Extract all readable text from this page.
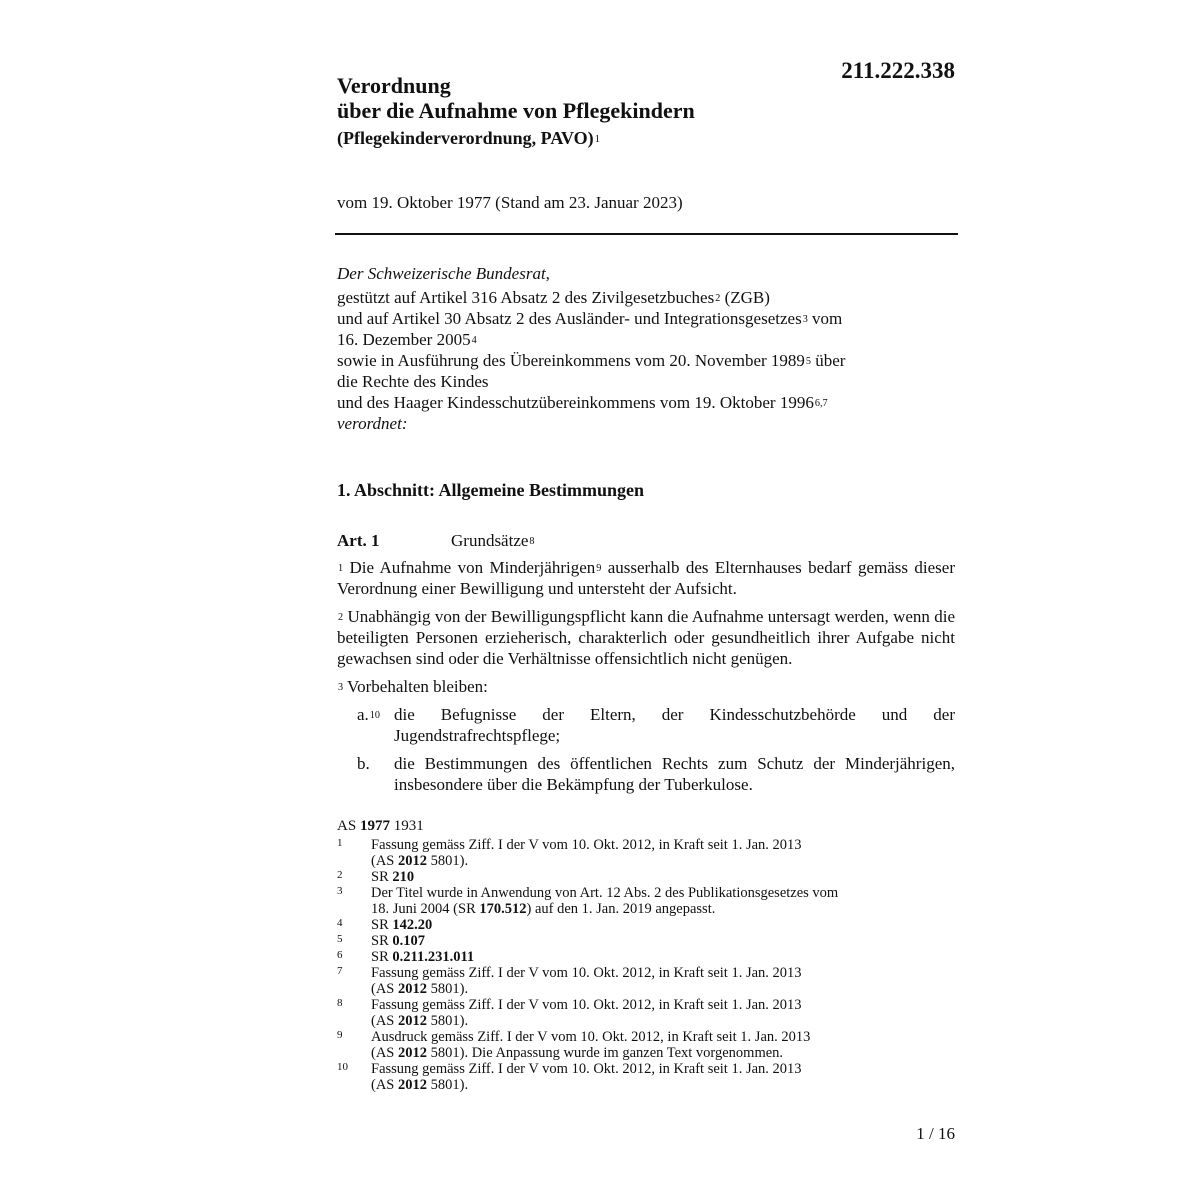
211.222.338
Verordnung
über die Aufnahme von Pflegekindern
(Pflegekinderverordnung, PAVO)$^1$
vom 19. Oktober 1977 (Stand am 23. Januar 2023)
Der Schweizerische Bundesrat,
gestützt auf Artikel 316 Absatz 2 des Zivilgesetzbuches$^2$ (ZGB)
und auf Artikel 30 Absatz 2 des Ausländer- und Integrationsgesetzes$^3$ vom
16. Dezember 2005$^4$
sowie in Ausführung des Übereinkommens vom 20. November 1989$^5$ über
die Rechte des Kindes
und des Haager Kindesschutzübereinkommens vom 19. Oktober 1996$^{6,7}$
verordnet:
1. Abschnitt: Allgemeine Bestimmungen
Art. 1	Grundsätze$^8$

$^1$ Die Aufnahme von Minderjährigen$^9$ ausserhalb des Elternhauses bedarf gemäss dieser Verordnung einer Bewilligung und untersteht der Aufsicht.

$^2$ Unabhängig von der Bewilligungspflicht kann die Aufnahme untersagt werden, wenn die beteiligten Personen erzieherisch, charakterlich oder gesundheitlich ihrer Aufgabe nicht gewachsen sind oder die Verhältnisse offensichtlich nicht genügen.

$^3$ Vorbehalten bleiben:

a.$^{10}$ die Befugnisse der Eltern, der Kindesschutzbehörde und der Jugendstrafrechtspflege;
b.	die Bestimmungen des öffentlichen Rechts zum Schutz der Minderjährigen, insbesondere über die Bekämpfung der Tuberkulose.
AS 1977 1931
1	Fassung gemäss Ziff. I der V vom 10. Okt. 2012, in Kraft seit 1. Jan. 2013
(AS 2012 5801).
2	SR 210
3	Der Titel wurde in Anwendung von Art. 12 Abs. 2 des Publikationsgesetzes vom
18. Juni 2004 (SR 170.512) auf den 1. Jan. 2019 angepasst.
4	SR 142.20
5	SR 0.107
6	SR 0.211.231.011
7	Fassung gemäss Ziff. I der V vom 10. Okt. 2012, in Kraft seit 1. Jan. 2013
(AS 2012 5801).
8	Fassung gemäss Ziff. I der V vom 10. Okt. 2012, in Kraft seit 1. Jan. 2013
(AS 2012 5801).
9	Ausdruck gemäss Ziff. I der V vom 10. Okt. 2012, in Kraft seit 1. Jan. 2013
(AS 2012 5801). Die Anpassung wurde im ganzen Text vorgenommen.
10	Fassung gemäss Ziff. I der V vom 10. Okt. 2012, in Kraft seit 1. Jan. 2013
(AS 2012 5801).
1 / 16
